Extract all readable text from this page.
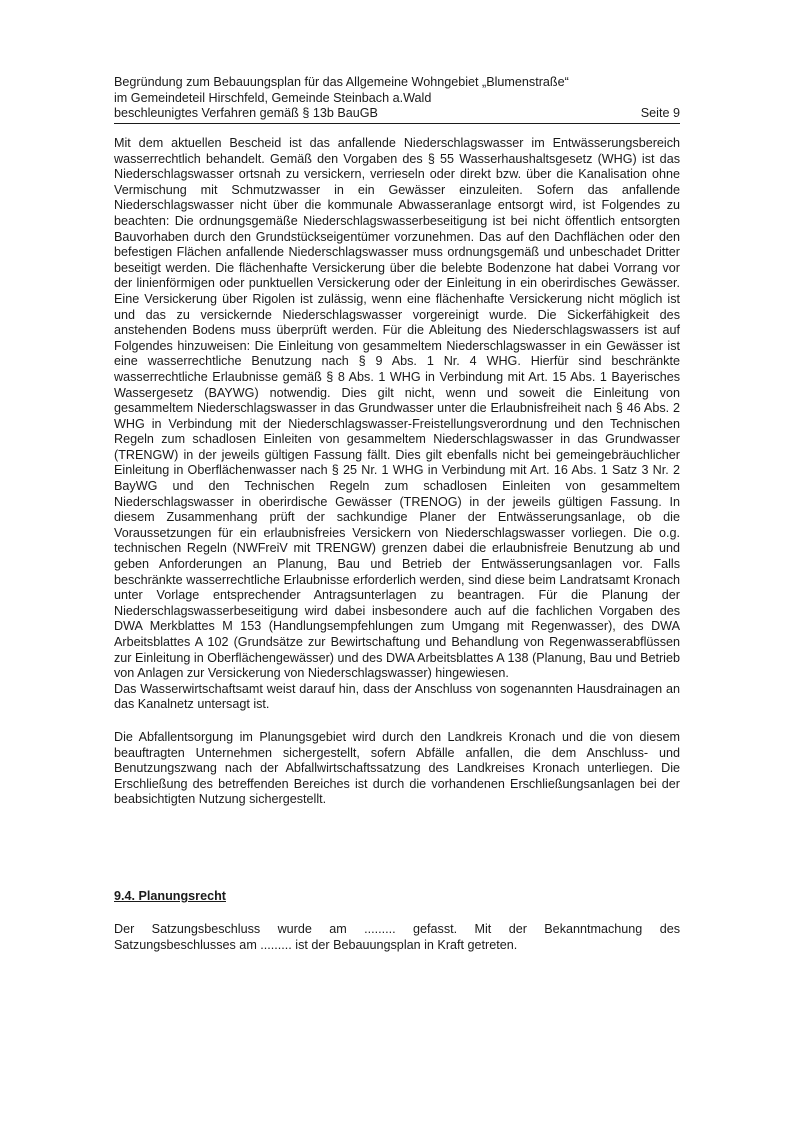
Begründung zum Bebauungsplan für das Allgemeine Wohngebiet „Blumenstraße“
im Gemeindeteil Hirschfeld, Gemeinde Steinbach a.Wald
beschleunigtes Verfahren gemäß § 13b BauGB	Seite 9

Mit dem aktuellen Bescheid ist das anfallende Niederschlagswasser im Entwässerungsbereich wasserrechtlich behandelt. Gemäß den Vorgaben des § 55 Wasserhaushaltsgesetz (WHG) ist das Niederschlagswasser ortsnah zu versickern, verrieseln oder direkt bzw. über die Kanalisation ohne Vermischung mit Schmutzwasser in ein Gewässer einzuleiten. Sofern das anfallende Niederschlagswasser nicht über die kommunale Abwasseranlage entsorgt wird, ist Folgendes zu beachten: Die ordnungsgemäße Niederschlagswasserbeseitigung ist bei nicht öffentlich entsorgten Bauvorhaben durch den Grundstückseigentümer vorzunehmen. Das auf den Dachflächen oder den befestigen Flächen anfallende Niederschlagswasser muss ordnungsgemäß und unbeschadet Dritter beseitigt werden. Die flächenhafte Versickerung über die belebte Bodenzone hat dabei Vorrang vor der linienförmigen oder punktuellen Versickerung oder der Einleitung in ein oberirdisches Gewässer. Eine Versickerung über Rigolen ist zulässig, wenn eine flächenhafte Versickerung nicht möglich ist und das zu versickernde Niederschlagswasser vorgereinigt wurde. Die Sickerfähigkeit des anstehenden Bodens muss überprüft werden. Für die Ableitung des Niederschlagswassers ist auf Folgendes hinzuweisen: Die Einleitung von gesammeltem Niederschlagswasser in ein Gewässer ist eine wasserrechtliche Benutzung nach § 9 Abs. 1 Nr. 4 WHG. Hierfür sind beschränkte wasserrechtliche Erlaubnisse gemäß § 8 Abs. 1 WHG in Verbindung mit Art. 15 Abs. 1 Bayerisches Wassergesetz (BAYWG) notwendig. Dies gilt nicht, wenn und soweit die Einleitung von gesammeltem Niederschlagswasser in das Grundwasser unter die Erlaubnisfreiheit nach § 46 Abs. 2 WHG in Verbindung mit der Niederschlagswasser-Freistellungsverordnung und den Technischen Regeln zum schadlosen Einleiten von gesammeltem Niederschlagswasser in das Grundwasser (TRENGW) in der jeweils gültigen Fassung fällt. Dies gilt ebenfalls nicht bei gemeingebräuchlicher Einleitung in Oberflächenwasser nach § 25 Nr. 1 WHG in Verbindung mit Art. 16 Abs. 1 Satz 3 Nr. 2 BayWG und den Technischen Regeln zum schadlosen Einleiten von gesammeltem Niederschlagswasser in oberirdische Gewässer (TRENOG) in der jeweils gültigen Fassung. In diesem Zusammenhang prüft der sachkundige Planer der Entwässerungsanlage, ob die Voraussetzungen für ein erlaubnisfreies Versickern von Niederschlagswasser vorliegen. Die o.g. technischen Regeln (NWFreiV mit TRENGW) grenzen dabei die erlaubnisfreie Benutzung ab und geben Anforderungen an Planung, Bau und Betrieb der Entwässerungsanlagen vor. Falls beschränkte wasserrechtliche Erlaubnisse erforderlich werden, sind diese beim Landratsamt Kronach unter Vorlage entsprechender Antragsunterlagen zu beantragen. Für die Planung der Niederschlagswasserbeseitigung wird dabei insbesondere auch auf die fachlichen Vorgaben des DWA Merkblattes M 153 (Handlungsempfehlungen zum Umgang mit Regenwasser), des DWA Arbeitsblattes A 102 (Grundsätze zur Bewirtschaftung und Behandlung von Regenwasserabflüssen zur Einleitung in Oberflächengewässer) und des DWA Arbeitsblattes A 138 (Planung, Bau und Betrieb von Anlagen zur Versickerung von Niederschlagswasser) hingewiesen.

Das Wasserwirtschaftsamt weist darauf hin, dass der Anschluss von sogenannten Hausdrainagen an das Kanalnetz untersagt ist.

Die Abfallentsorgung im Planungsgebiet wird durch den Landkreis Kronach und die von diesem beauftragten Unternehmen sichergestellt, sofern Abfälle anfallen, die dem Anschluss- und Benutzungszwang nach der Abfallwirtschaftssatzung des Landkreises Kronach unterliegen. Die Erschließung des betreffenden Bereiches ist durch die vorhandenen Erschließungsanlagen bei der beabsichtigten Nutzung sichergestellt.

9.4. Planungsrecht

Der Satzungsbeschluss wurde am ......... gefasst. Mit der Bekanntmachung des Satzungsbeschlusses am ......... ist der Bebauungsplan in Kraft getreten.
